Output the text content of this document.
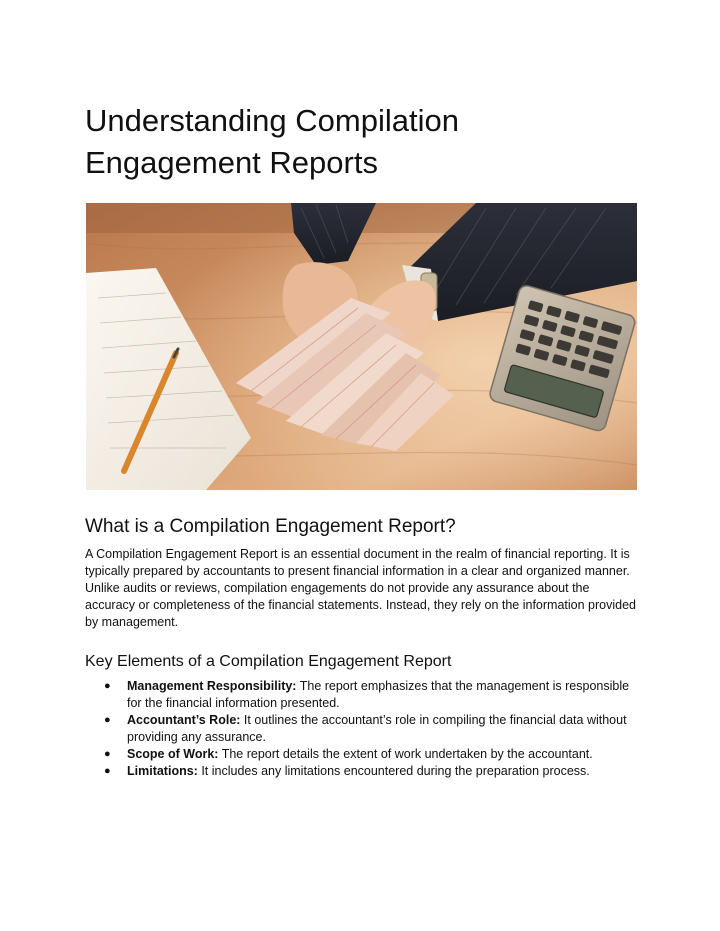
Understanding Compilation
Engagement Reports
What is a Compilation Engagement Report?

A Compilation Engagement Report is an essential document in the realm of financial reporting. It is typically prepared by accountants to present financial information in a clear and organized manner. Unlike audits or reviews, compilation engagements do not provide any assurance about the accuracy or completeness of the financial statements. Instead, they rely on the information provided by management.

Key Elements of a Compilation Engagement Report
● Management Responsibility: The report emphasizes that the management is responsible for the financial information presented.
● Accountant’s Role: It outlines the accountant’s role in compiling the financial data without providing any assurance.
● Scope of Work: The report details the extent of work undertaken by the accountant.
● Limitations: It includes any limitations encountered during the preparation process.
